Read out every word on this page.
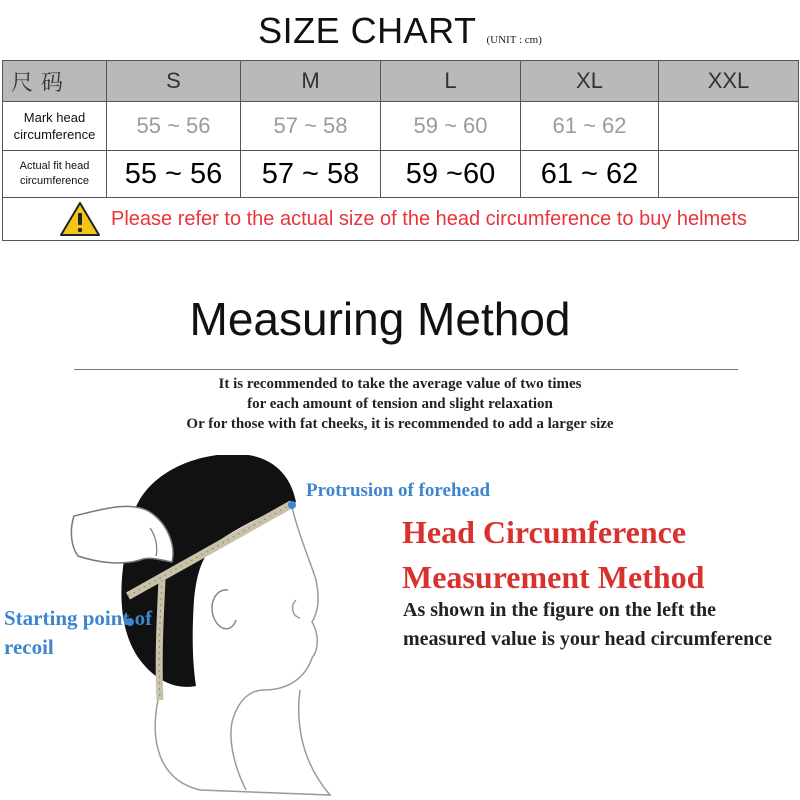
SIZE CHART (UNIT : cm)
尺码	S	M	L	XL	XXL
Mark head circumference	55 ~ 56	57 ~ 58	59 ~ 60	61 ~ 62	
Actual fit head circumference	55 ~ 56	57 ~ 58	59 ~60	61 ~ 62	

Please refer to the actual size of the head circumference to buy helmets					
Measuring Method
It is recommended to take the average value of two times
for each amount of tension and slight relaxation
Or for those with fat cheeks, it is recommended to add a larger size
Protrusion of forehead
Starting point of recoil
Head Circumference
Measurement Method
As shown in the figure on the left the measured value is your head circumference
